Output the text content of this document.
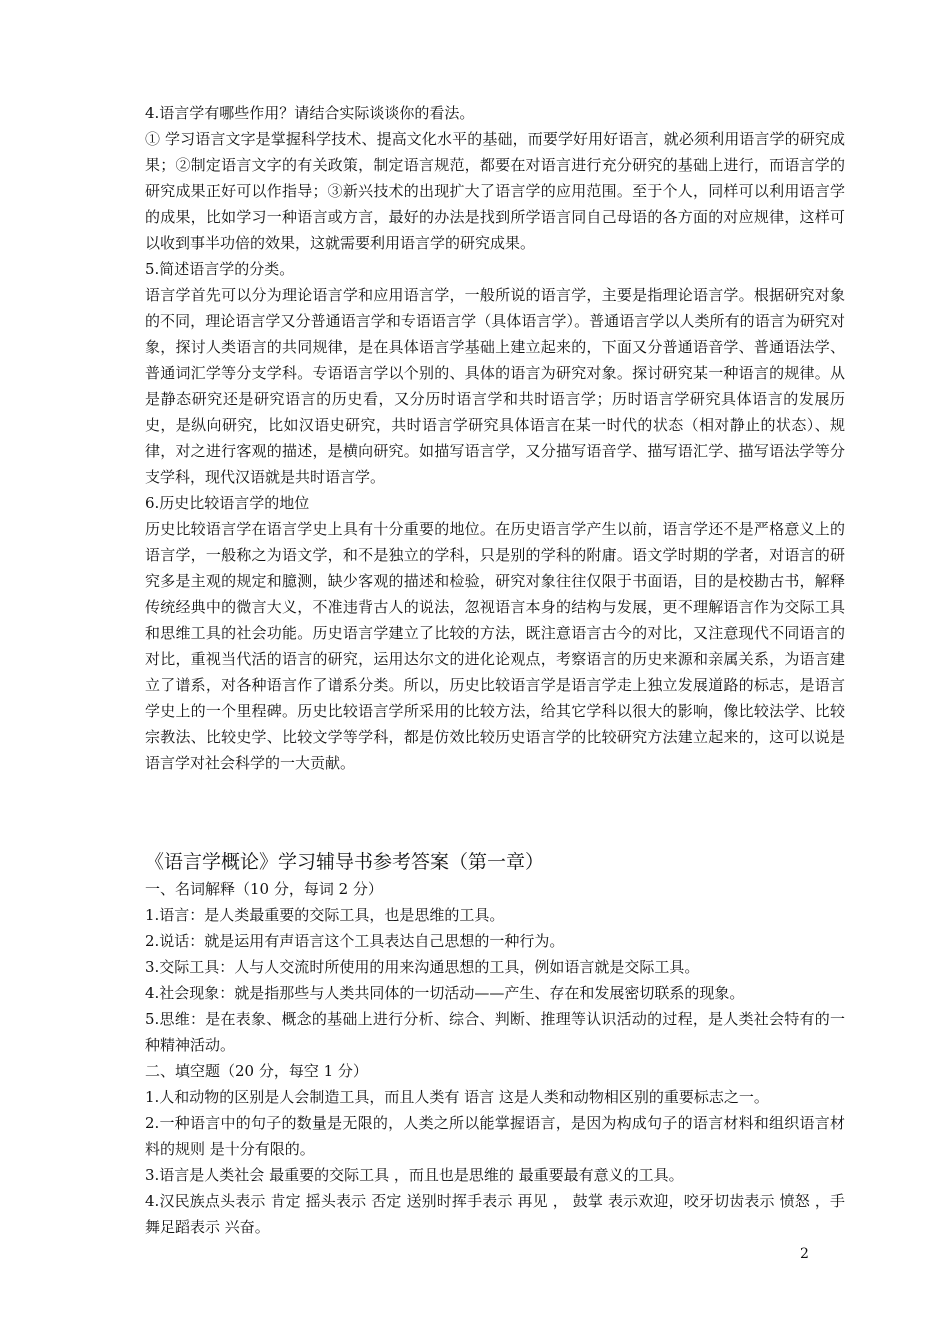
4.语言学有哪些作用？请结合实际谈谈你的看法。

① 学习语言文字是掌握科学技术、提高文化水平的基础，而要学好用好语言，就必须利用语言学的研究成果；②制定语言文字的有关政策，制定语言规范，都要在对语言进行充分研究的基础上进行，而语言学的研究成果正好可以作指导；③新兴技术的出现扩大了语言学的应用范围。至于个人，同样可以利用语言学的成果，比如学习一种语言或方言，最好的办法是找到所学语言同自己母语的各方面的对应规律，这样可以收到事半功倍的效果，这就需要利用语言学的研究成果。

5.简述语言学的分类。

语言学首先可以分为理论语言学和应用语言学，一般所说的语言学，主要是指理论语言学。根据研究对象的不同，理论语言学又分普通语言学和专语语言学（具体语言学）。普通语言学以人类所有的语言为研究对象，探讨人类语言的共同规律，是在具体语言学基础上建立起来的，下面又分普通语音学、普通语法学、普通词汇学等分支学科。专语语言学以个别的、具体的语言为研究对象。探讨研究某一种语言的规律。从是静态研究还是研究语言的历史看，又分历时语言学和共时语言学；历时语言学研究具体语言的发展历史，是纵向研究，比如汉语史研究，共时语言学研究具体语言在某一时代的状态（相对静止的状态）、规律，对之进行客观的描述，是横向研究。如描写语言学，又分描写语音学、描写语汇学、描写语法学等分支学科，现代汉语就是共时语言学。

6.历史比较语言学的地位

历史比较语言学在语言学史上具有十分重要的地位。在历史语言学产生以前，语言学还不是严格意义上的语言学，一般称之为语文学，和不是独立的学科，只是别的学科的附庸。语文学时期的学者，对语言的研究多是主观的规定和臆测，缺少客观的描述和检验，研究对象往往仅限于书面语，目的是校勘古书，解释传统经典中的微言大义，不准违背古人的说法，忽视语言本身的结构与发展，更不理解语言作为交际工具和思维工具的社会功能。历史语言学建立了比较的方法，既注意语言古今的对比，又注意现代不同语言的对比，重视当代活的语言的研究，运用达尔文的进化论观点，考察语言的历史来源和亲属关系，为语言建立了谱系，对各种语言作了谱系分类。所以，历史比较语言学是语言学走上独立发展道路的标志，是语言学史上的一个里程碑。历史比较语言学所采用的比较方法，给其它学科以很大的影响，像比较法学、比较宗教法、比较史学、比较文学等学科，都是仿效比较历史语言学的比较研究方法建立起来的，这可以说是语言学对社会科学的一大贡献。

《语言学概论》学习辅导书参考答案（第一章）

一、名词解释（10 分，每词 2 分）

1.语言：是人类最重要的交际工具，也是思维的工具。

2.说话：就是运用有声语言这个工具表达自己思想的一种行为。

3.交际工具：人与人交流时所使用的用来沟通思想的工具，例如语言就是交际工具。

4.社会现象：就是指那些与人类共同体的一切活动——产生、存在和发展密切联系的现象。

5.思维：是在表象、概念的基础上进行分析、综合、判断、推理等认识活动的过程，是人类社会特有的一种精神活动。

二、填空题（20 分，每空 1 分）

1.人和动物的区别是人会制造工具，而且人类有 语言 这是人类和动物相区别的重要标志之一。

2.一种语言中的句子的数量是无限的，人类之所以能掌握语言，是因为构成句子的语言材料和组织语言材料的规则 是十分有限的。

3.语言是人类社会 最重要的交际工具 ，而且也是思维的 最重要最有意义的工具。

4.汉民族点头表示 肯定 摇头表示 否定 送别时挥手表示 再见 ， 鼓掌 表示欢迎，咬牙切齿表示 愤怒 ，手舞足蹈表示 兴奋。

2
